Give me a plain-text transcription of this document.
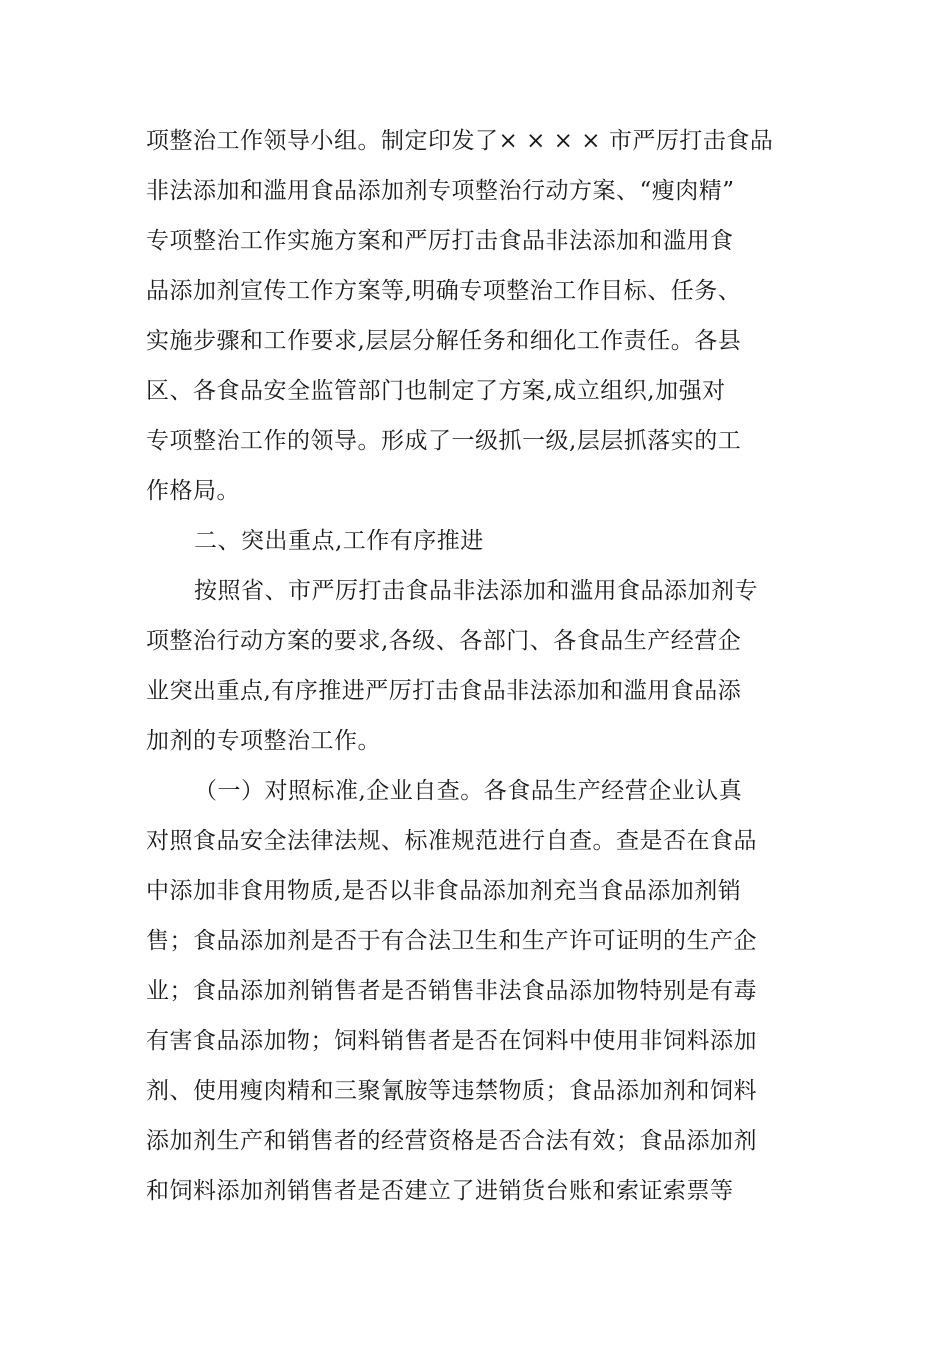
项整治工作领导小组。制定印发了× × × × 市严厉打击食品
非法添加和滥用食品添加剂专项整治行动方案、“瘦肉精”
专项整治工作实施方案和严厉打击食品非法添加和滥用食
品添加剂宣传工作方案等,明确专项整治工作目标、任务、
实施步骤和工作要求,层层分解任务和细化工作责任。各县
区、各食品安全监管部门也制定了方案,成立组织,加强对
专项整治工作的领导。形成了一级抓一级,层层抓落实的工
作格局。
二、突出重点,工作有序推进
按照省、市严厉打击食品非法添加和滥用食品添加剂专
项整治行动方案的要求,各级、各部门、各食品生产经营企
业突出重点,有序推进严厉打击食品非法添加和滥用食品添
加剂的专项整治工作。
（一）对照标准,企业自查。各食品生产经营企业认真
对照食品安全法律法规、标准规范进行自查。查是否在食品
中添加非食用物质,是否以非食品添加剂充当食品添加剂销
售；食品添加剂是否于有合法卫生和生产许可证明的生产企
业；食品添加剂销售者是否销售非法食品添加物特别是有毒
有害食品添加物；饲料销售者是否在饲料中使用非饲料添加
剂、使用瘦肉精和三聚氰胺等违禁物质；食品添加剂和饲料
添加剂生产和销售者的经营资格是否合法有效；食品添加剂
和饲料添加剂销售者是否建立了进销货台账和索证索票等
